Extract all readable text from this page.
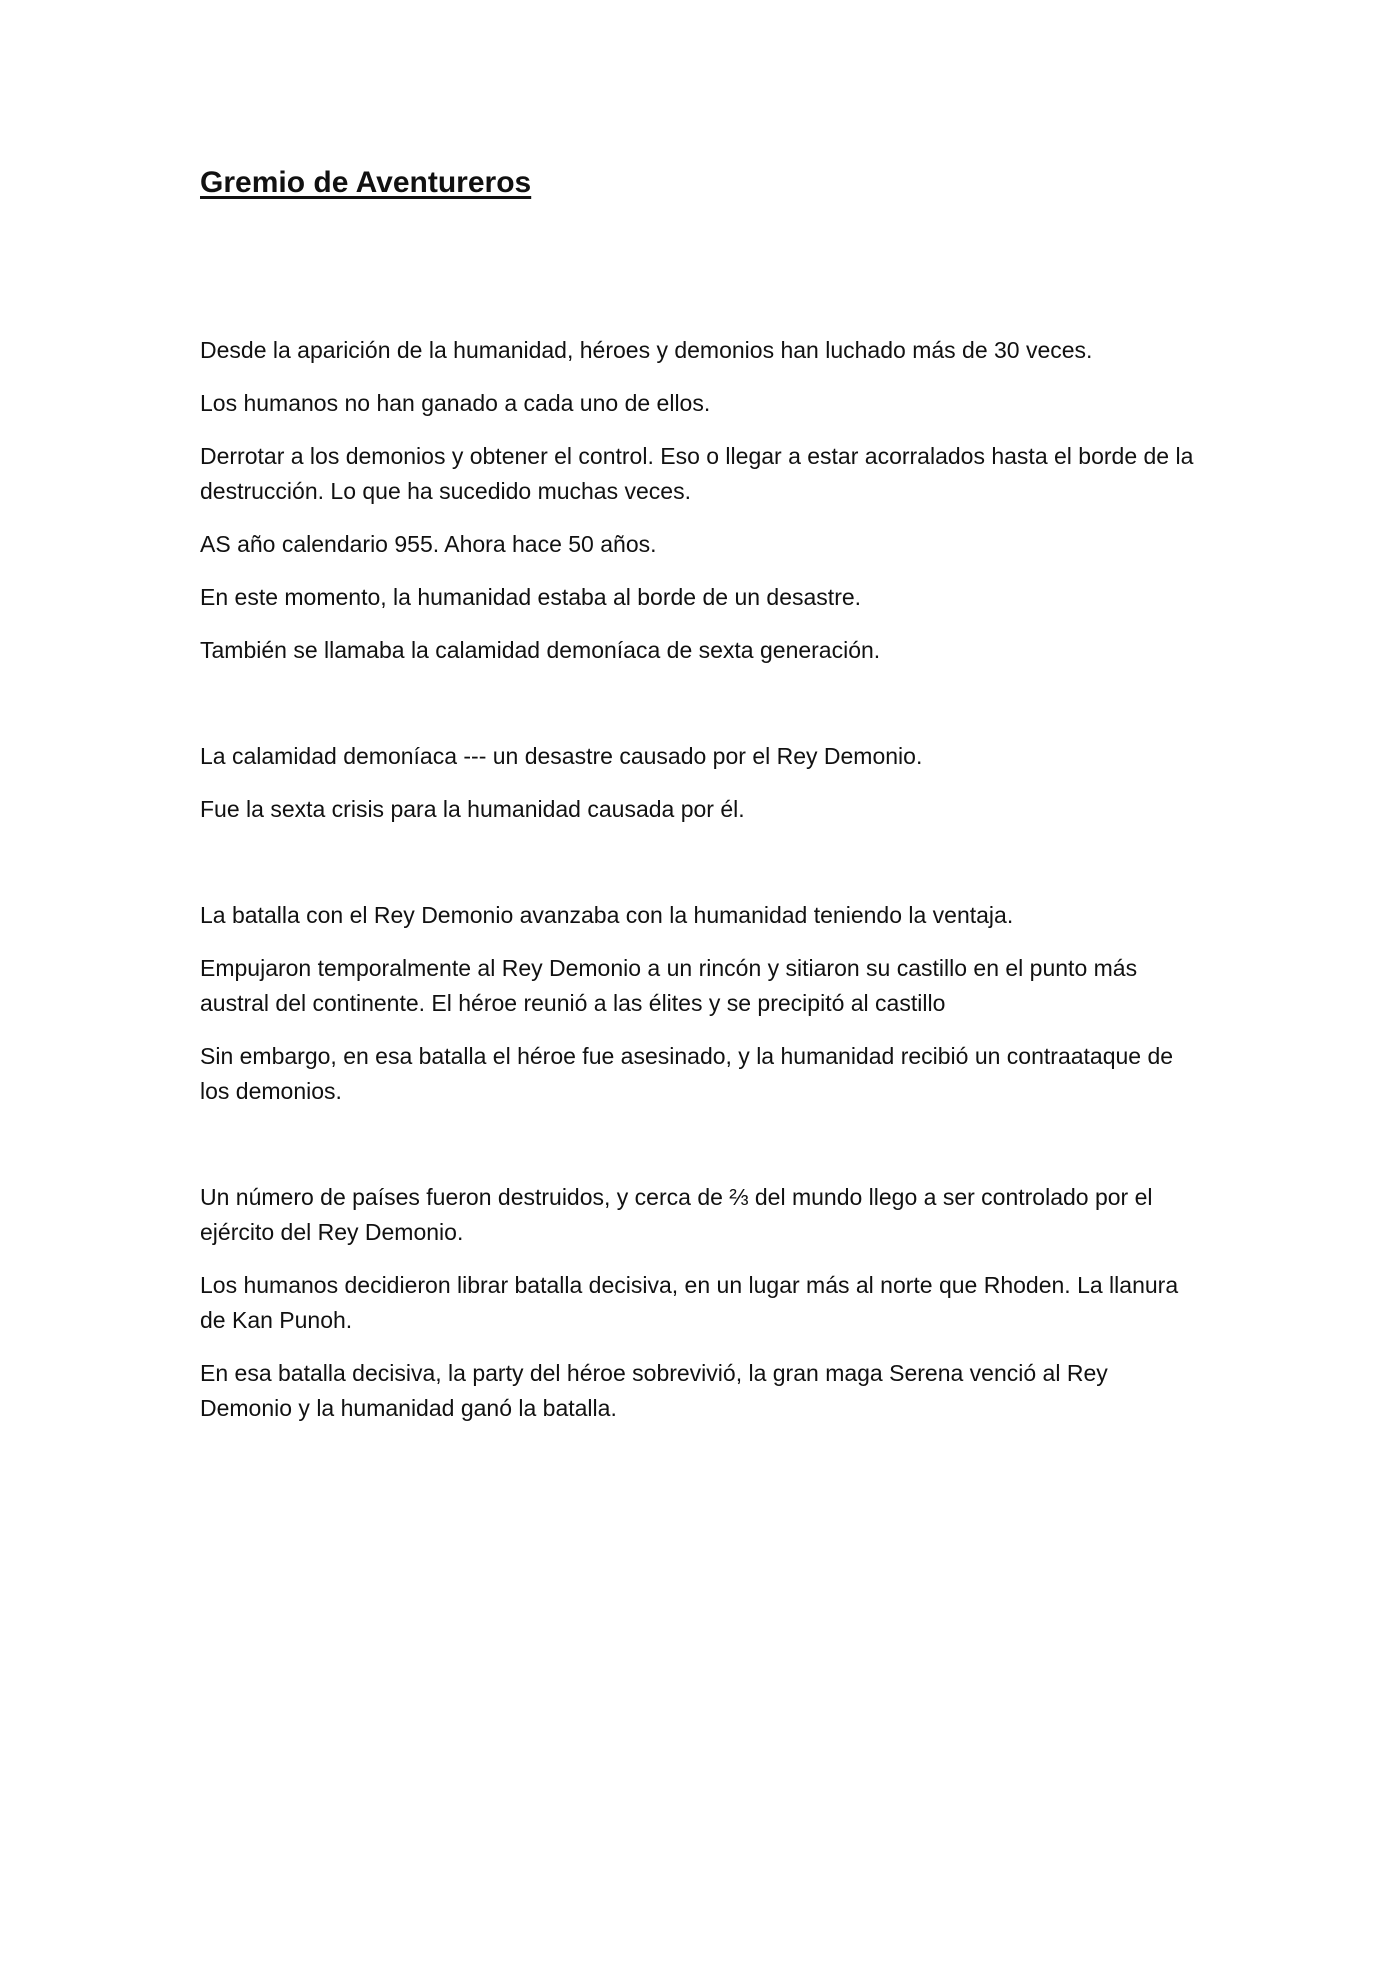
Gremio de Aventureros

Desde la aparición de la humanidad, héroes y demonios han luchado más de 30 veces.

Los humanos no han ganado a cada uno de ellos.

Derrotar a los demonios y obtener el control. Eso o llegar a estar acorralados hasta el borde de la destrucción. Lo que ha sucedido muchas veces.

AS año calendario 955. Ahora hace 50 años.

En este momento, la humanidad estaba al borde de un desastre.

También se llamaba la calamidad demoníaca de sexta generación.

La calamidad demoníaca --- un desastre causado por el Rey Demonio.

Fue la sexta crisis para la humanidad causada por él.

La batalla con el Rey Demonio avanzaba con la humanidad teniendo la ventaja.

Empujaron temporalmente al Rey Demonio a un rincón y sitiaron su castillo en el punto más austral del continente. El héroe reunió a las élites y se precipitó al castillo

Sin embargo, en esa batalla el héroe fue asesinado, y la humanidad recibió un contraataque de los demonios.

Un número de países fueron destruidos, y cerca de ⅔ del mundo llego a ser controlado por el ejército del Rey Demonio.

Los humanos decidieron librar batalla decisiva, en un lugar más al norte que Rhoden. La llanura de Kan Punoh.

En esa batalla decisiva, la party del héroe sobrevivió, la gran maga Serena venció al Rey Demonio y la humanidad ganó la batalla.
